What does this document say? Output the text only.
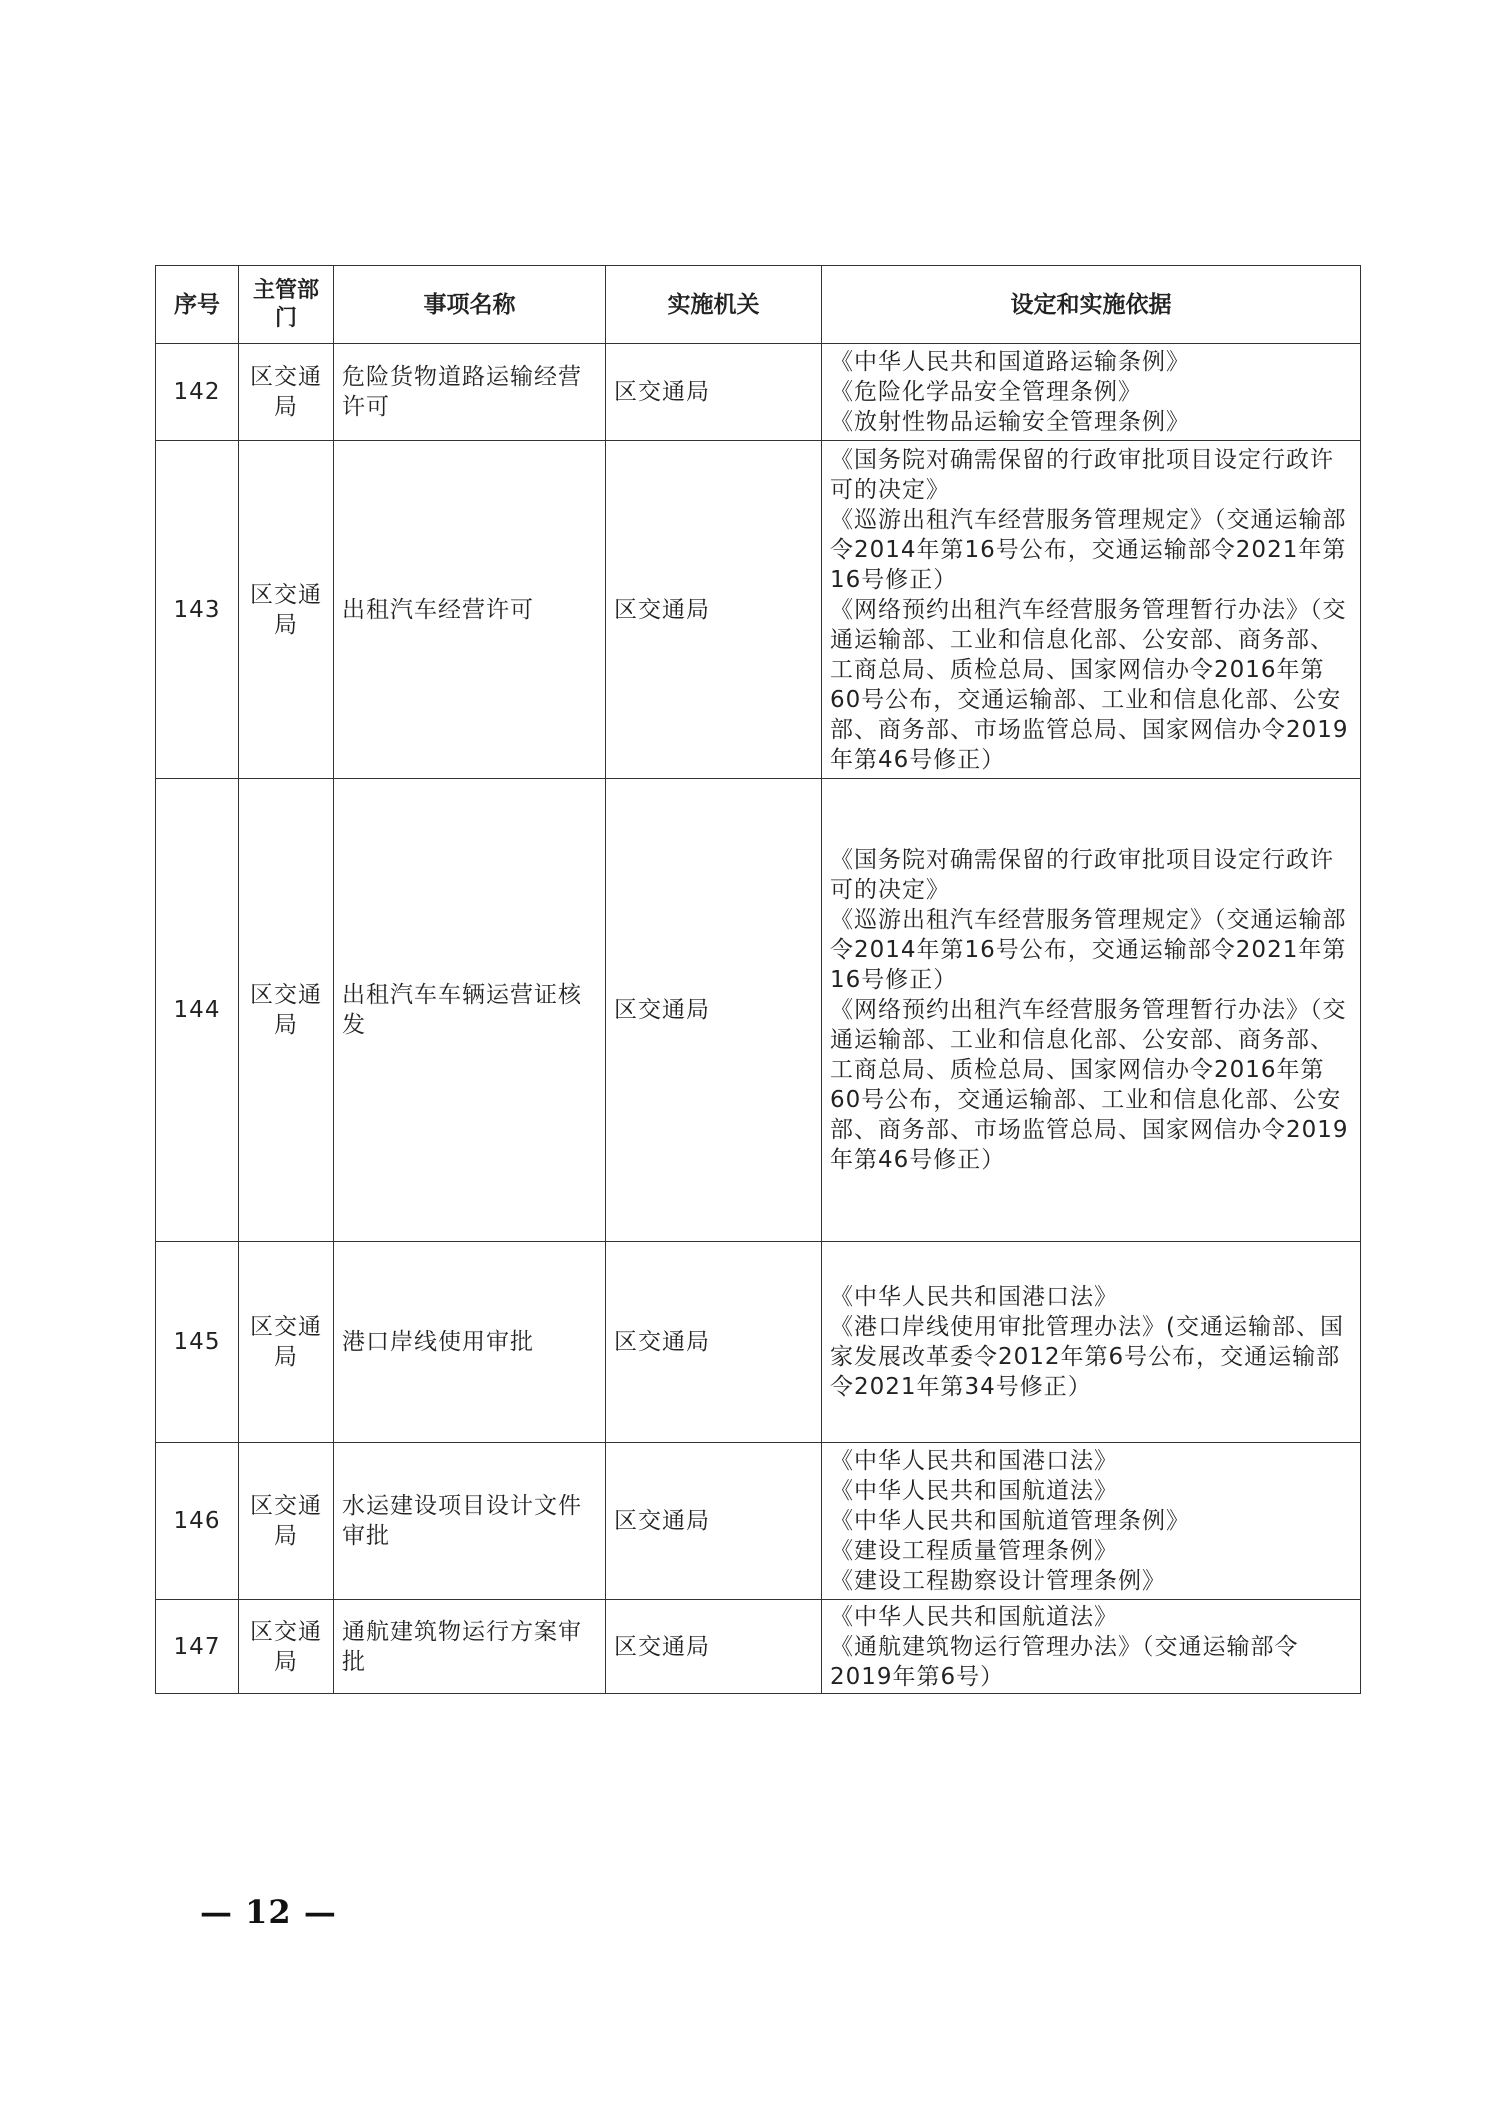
序号	主管部门	事项名称	实施机关	设定和实施依据
142	区交通局	危险货物道路运输经营许可	区交通局	《中华人民共和国道路运输条例》
《危险化学品安全管理条例》
《放射性物品运输安全管理条例》
143	区交通局	出租汽车经营许可	区交通局	《国务院对确需保留的行政审批项目设定行政许可的决定》
《巡游出租汽车经营服务管理规定》（交通运输部令2014年第16号公布，交通运输部令2021年第16号修正）
《网络预约出租汽车经营服务管理暂行办法》（交通运输部、工业和信息化部、公安部、商务部、工商总局、质检总局、国家网信办令2016年第60号公布，交通运输部、工业和信息化部、公安部、商务部、市场监管总局、国家网信办令2019年第46号修正）
144	区交通局	出租汽车车辆运营证核发	区交通局	《国务院对确需保留的行政审批项目设定行政许可的决定》
《巡游出租汽车经营服务管理规定》（交通运输部令2014年第16号公布，交通运输部令2021年第16号修正）
《网络预约出租汽车经营服务管理暂行办法》（交通运输部、工业和信息化部、公安部、商务部、工商总局、质检总局、国家网信办令2016年第60号公布，交通运输部、工业和信息化部、公安部、商务部、市场监管总局、国家网信办令2019年第46号修正）
145	区交通局	港口岸线使用审批	区交通局	《中华人民共和国港口法》
《港口岸线使用审批管理办法》(交通运输部、国家发展改革委令2012年第6号公布，交通运输部令2021年第34号修正）
146	区交通局	水运建设项目设计文件审批	区交通局	《中华人民共和国港口法》
《中华人民共和国航道法》
《中华人民共和国航道管理条例》
《建设工程质量管理条例》
《建设工程勘察设计管理条例》
147	区交通局	通航建筑物运行方案审批	区交通局	《中华人民共和国航道法》
《通航建筑物运行管理办法》（交通运输部令2019年第6号）
— 12 —
